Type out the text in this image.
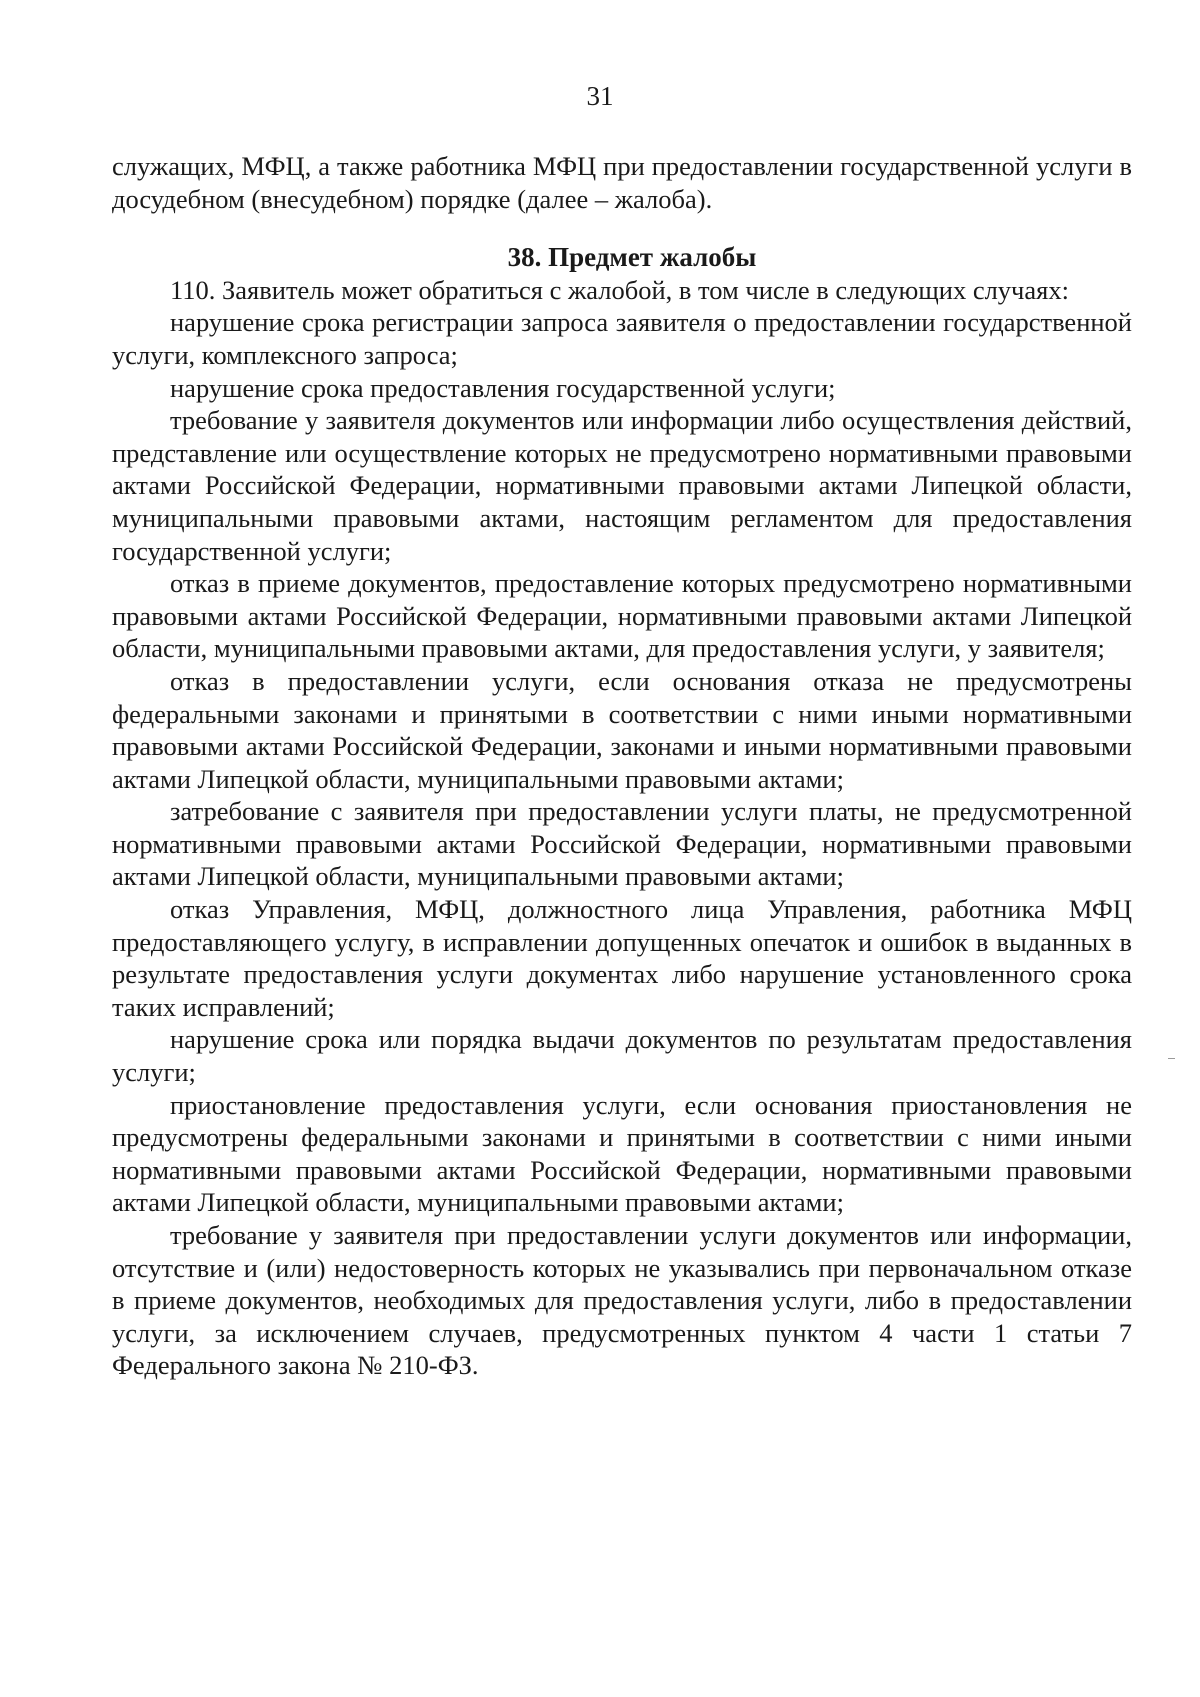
31

служащих, МФЦ, а также работника МФЦ при предоставлении государственной услуги в досудебном (внесудебном) порядке (далее – жалоба).

38. Предмет жалобы

110. Заявитель может обратиться с жалобой, в том числе в следующих случаях:

нарушение срока регистрации запроса заявителя о предоставлении государственной услуги, комплексного запроса;

нарушение срока предоставления государственной услуги;

требование у заявителя документов или информации либо осуществления действий, представление или осуществление которых не предусмотрено нормативными правовыми актами Российской Федерации, нормативными правовыми актами Липецкой области, муниципальными правовыми актами, настоящим регламентом для предоставления государственной услуги;

отказ в приеме документов, предоставление которых предусмотрено нормативными правовыми актами Российской Федерации, нормативными правовыми актами Липецкой области, муниципальными правовыми актами, для предоставления услуги, у заявителя;

отказ в предоставлении услуги, если основания отказа не предусмотрены федеральными законами и принятыми в соответствии с ними иными нормативными правовыми актами Российской Федерации, законами и иными нормативными правовыми актами Липецкой области, муниципальными правовыми актами;

затребование с заявителя при предоставлении услуги платы, не предусмотренной нормативными правовыми актами Российской Федерации, нормативными правовыми актами Липецкой области, муниципальными правовыми актами;

отказ Управления, МФЦ, должностного лица Управления, работника МФЦ предоставляющего услугу, в исправлении допущенных опечаток и ошибок в выданных в результате предоставления услуги документах либо нарушение установленного срока таких исправлений;

нарушение срока или порядка выдачи документов по результатам предоставления услуги;

приостановление предоставления услуги, если основания приостановления не предусмотрены федеральными законами и принятыми в соответствии с ними иными нормативными правовыми актами Российской Федерации, нормативными правовыми актами Липецкой области, муниципальными правовыми актами;

требование у заявителя при предоставлении услуги документов или информации, отсутствие и (или) недостоверность которых не указывались при первоначальном отказе в приеме документов, необходимых для предоставления услуги, либо в предоставлении услуги, за исключением случаев, предусмотренных пунктом 4 части 1 статьи 7 Федерального закона № 210-ФЗ.
